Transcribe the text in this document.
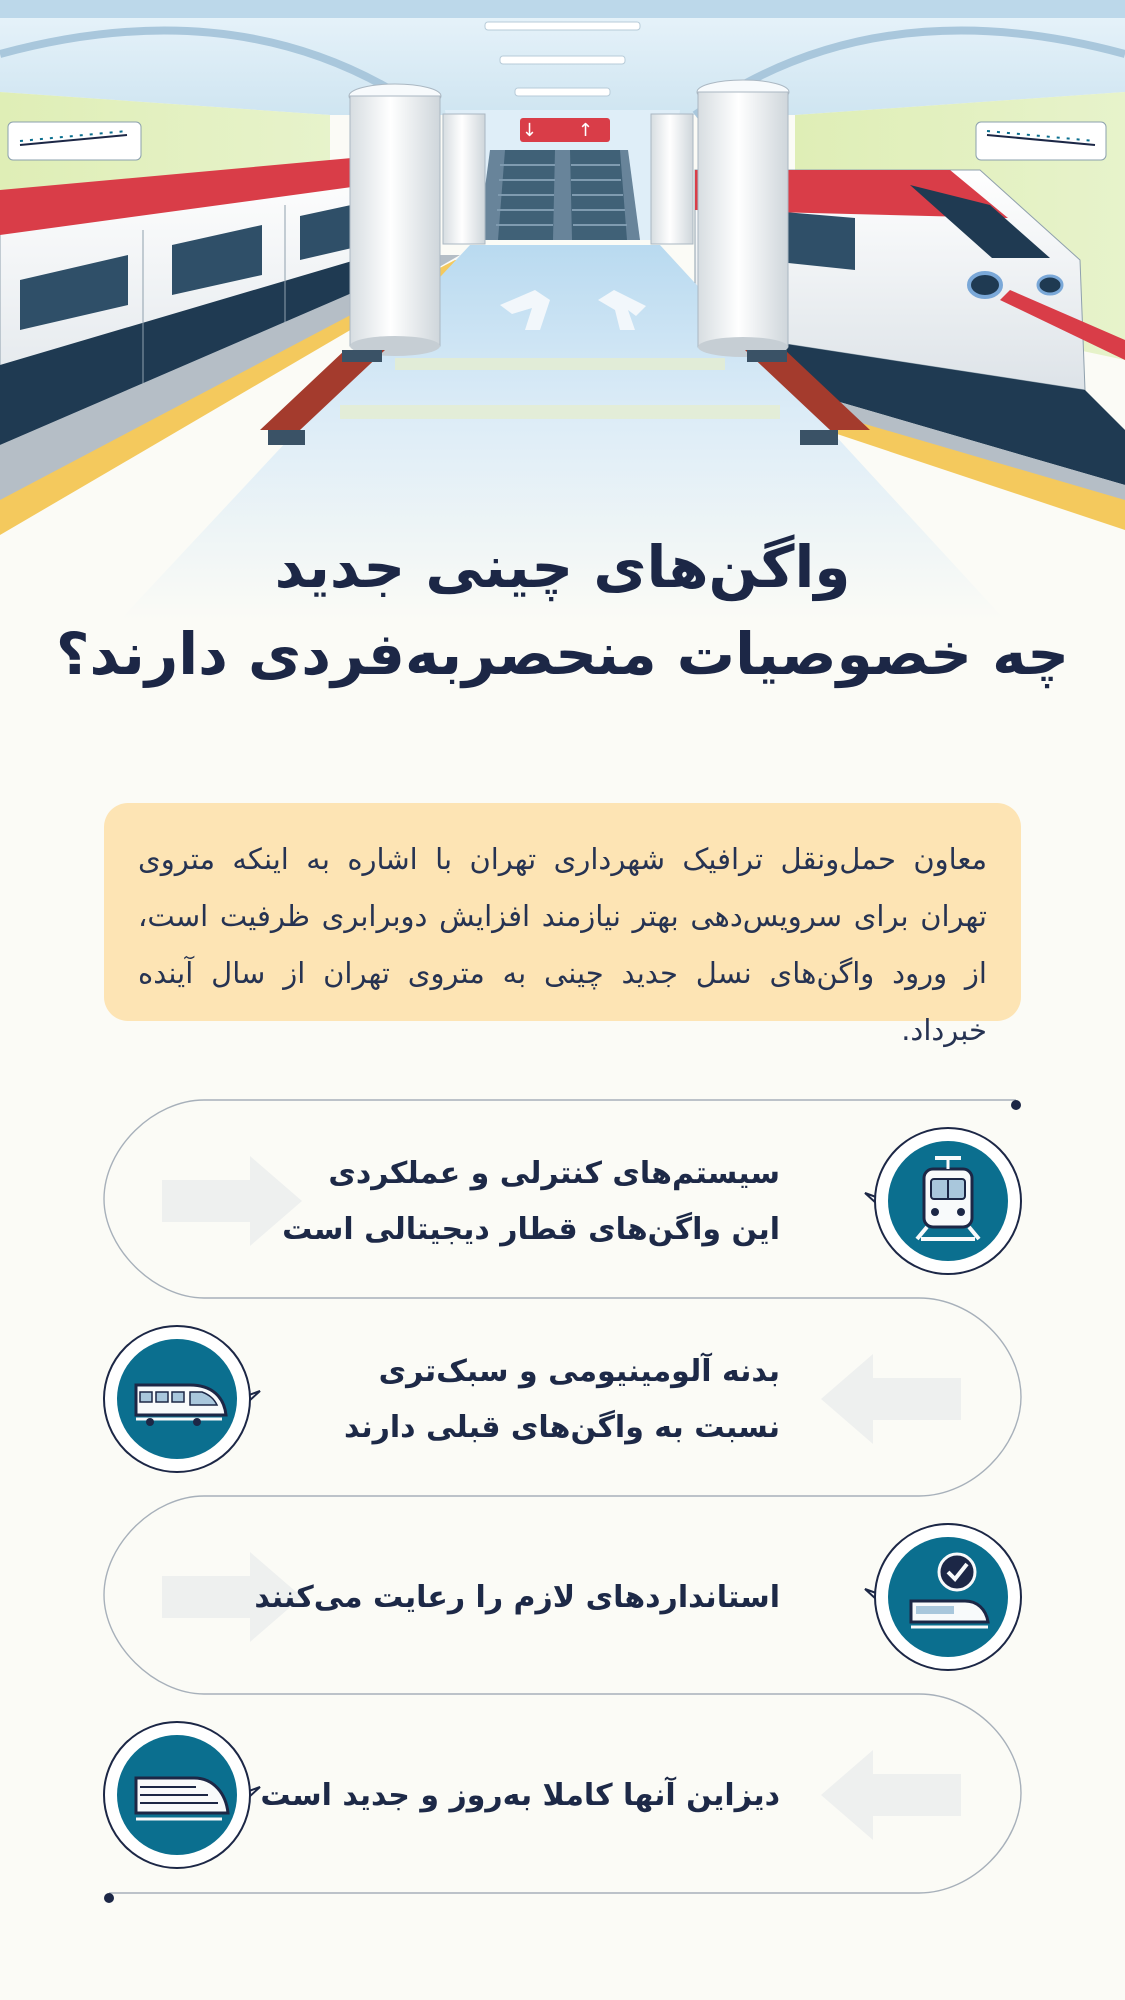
↓ ↑
واگن‌های چینی جدید
چه خصوصیات منحصربه‌فردی دارند؟

معاون حمل‌ونقل ترافیک شهرداری تهران با اشاره به اینکه متروی تهران برای سرویس‌دهی بهتر نیازمند افزایش دوبرابری ظرفیت است، از ورود واگن‌های نسل جدید چینی به متروی تهران از سال آینده خبرداد.

سیستم‌های کنترلی و عملکردی
این واگن‌های قطار دیجیتالی است
بدنه آلومینیومی و سبک‌تری
نسبت به واگن‌های قبلی دارند
استانداردهای لازم را رعایت می‌کنند
دیزاین آنها کاملا به‌روز و جدید است
